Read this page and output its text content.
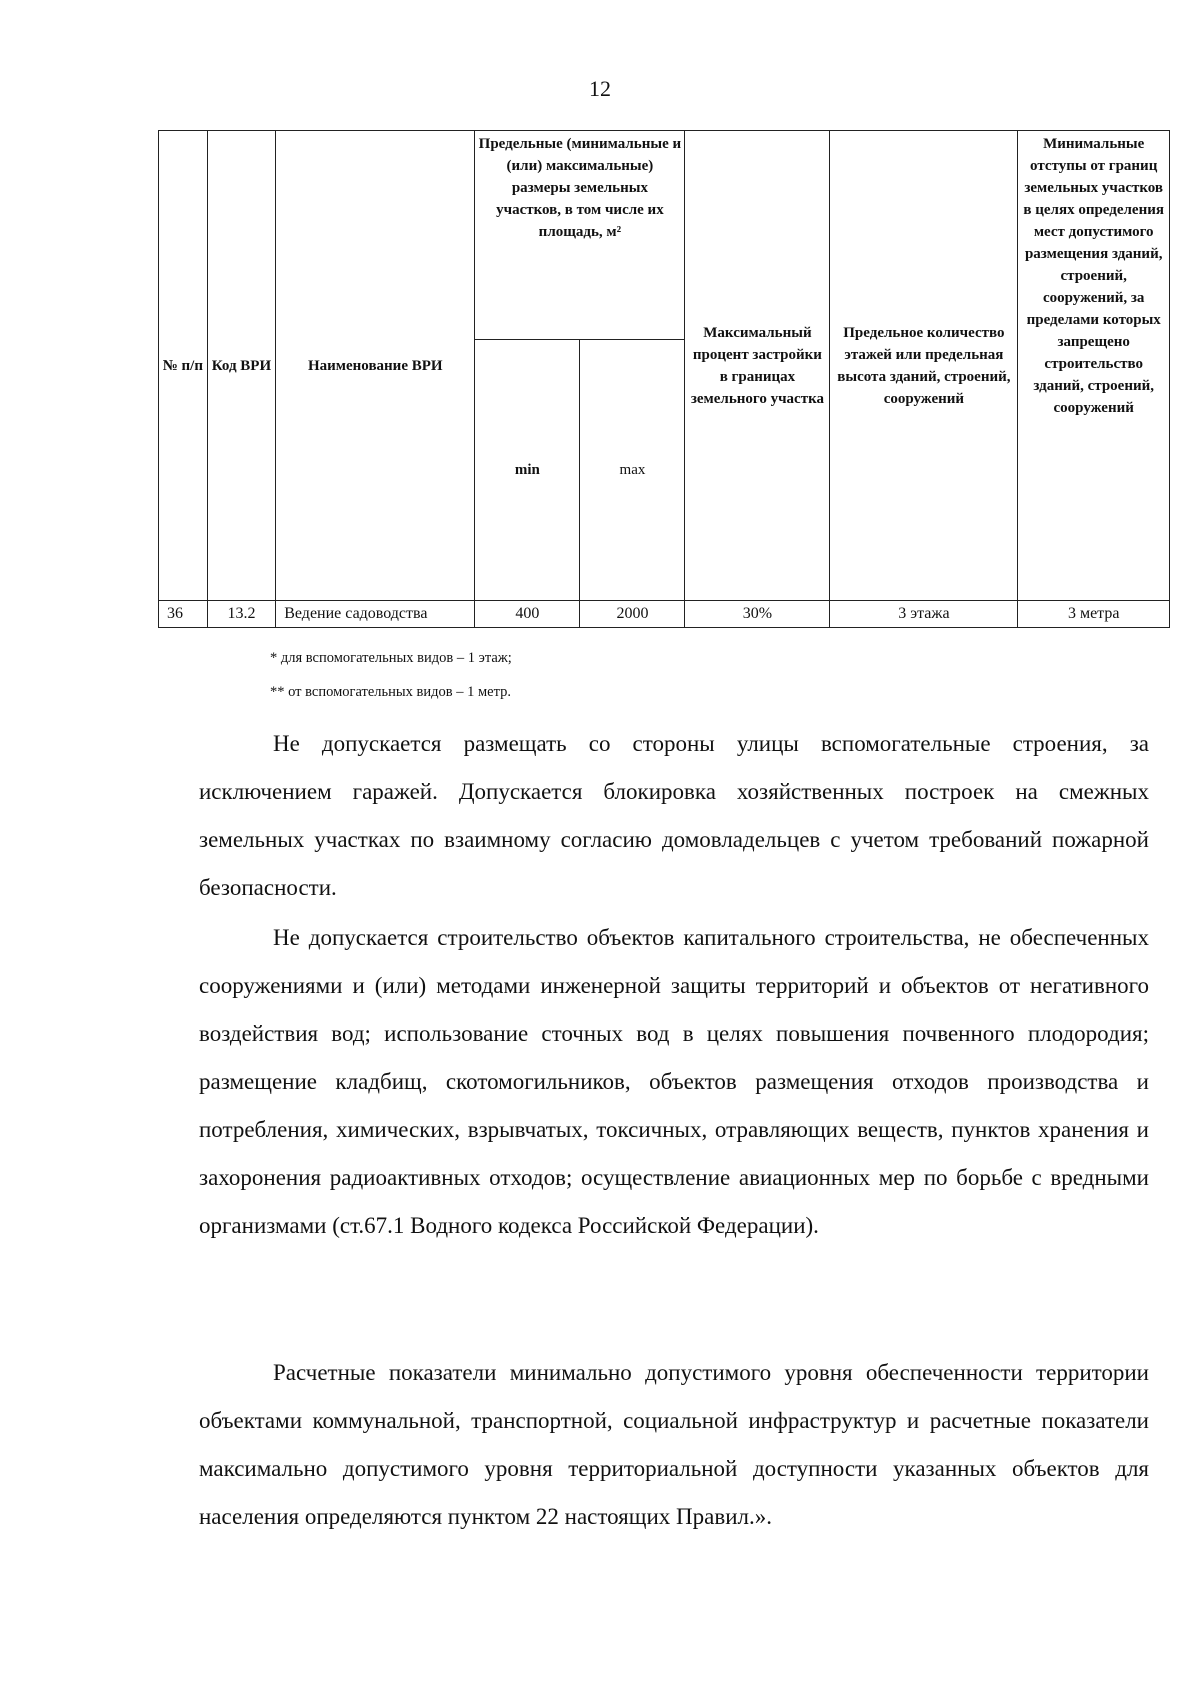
12
№ п/п	Код ВРИ	Наименование ВРИ	Предельные (минимальные и (или) максимальные) размеры земельных участков, в том числе их площадь, м²		Максимальный процент застройки в границах земельного участка	Предельное количество этажей или предельная высота зданий, строений, сооружений	Минимальные отступы от границ земельных участков в целях определения мест допустимого размещения зданий, строений, сооружений, за пределами которых запрещено строительство зданий, строений, сооружений
			min	max			
36	13.2	Ведение садоводства	400	2000	30%	3 этажа	3 метра
* для вспомогательных видов – 1 этаж;
** от вспомогательных видов – 1 метр.

Не допускается размещать со стороны улицы вспомогательные строения, за исключением гаражей. Допускается блокировка хозяйственных построек на смежных земельных участках по взаимному согласию домовладельцев с учетом требований пожарной безопасности.

Не допускается строительство объектов капитального строительства, не обеспеченных сооружениями и (или) методами инженерной защиты территорий и объектов от негативного воздействия вод; использование сточных вод в целях повышения почвенного плодородия; размещение кладбищ, скотомогильников, объектов размещения отходов производства и потребления, химических, взрывчатых, токсичных, отравляющих веществ, пунктов хранения и захоронения радиоактивных отходов; осуществление авиационных мер по борьбе с вредными организмами (ст.67.1 Водного кодекса Российской Федерации).

Расчетные показатели минимально допустимого уровня обеспеченности территории объектами коммунальной, транспортной, социальной инфраструктур и расчетные показатели максимально допустимого уровня территориальной доступности указанных объектов для населения определяются пунктом 22 настоящих Правил.».
